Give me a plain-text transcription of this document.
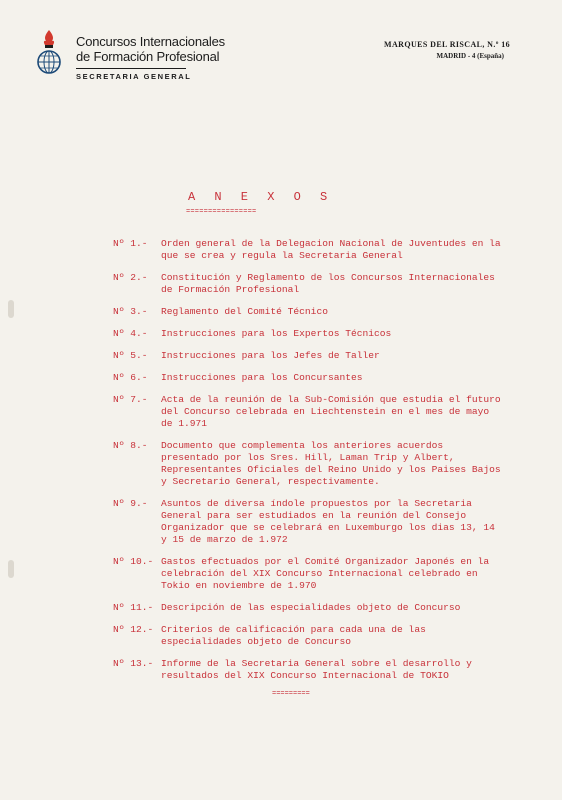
Concursos Internacionales
de Formación Profesional
SECRETARIA GENERAL
MARQUES DEL RISCAL, N.º 16
MADRID - 4 (España)
A N E X O S
================
Nº 1.-	Orden general de la Delegacion Nacional de Juventudes en la que se crea y regula la Secretaria General
Nº 2.-	Constitución y Reglamento de los Concursos Internacionales de Formación Profesional
Nº 3.-	Reglamento del Comité Técnico
Nº 4.-	Instrucciones para los Expertos Técnicos
Nº 5.-	Instrucciones para los Jefes de Taller
Nº 6.-	Instrucciones para los Concursantes
Nº 7.-	Acta de la reunión de la Sub-Comisión que estudia el futuro del Concurso celebrada en Liechtenstein en el mes de mayo de 1.971
Nº 8.-	Documento que complementa los anteriores acuerdos presentado por los Sres. Hill, Laman Trip y Albert, Representantes Oficiales del Reino Unido y los Paises Bajos y Secretario General, respectivamente.
Nº 9.-	Asuntos de diversa índole propuestos por la Secretaria General para ser estudiados en la reunión del Consejo Organizador que se celebrará en Luxemburgo los dias 13, 14 y 15 de marzo de 1.972
Nº 10.- Gastos efectuados por el Comité Organizador Japonés en la celebración del XIX Concurso Internacional celebrado en Tokio en noviembre de 1.970
Nº 11.- Descripción de las especialidades objeto de Concurso
Nº 12.- Criterios de calificación para cada una de las especialidades objeto de Concurso
Nº 13.- Informe de la Secretaria General sobre el desarrollo y resultados del XIX Concurso Internacional de TOKIO
=========
